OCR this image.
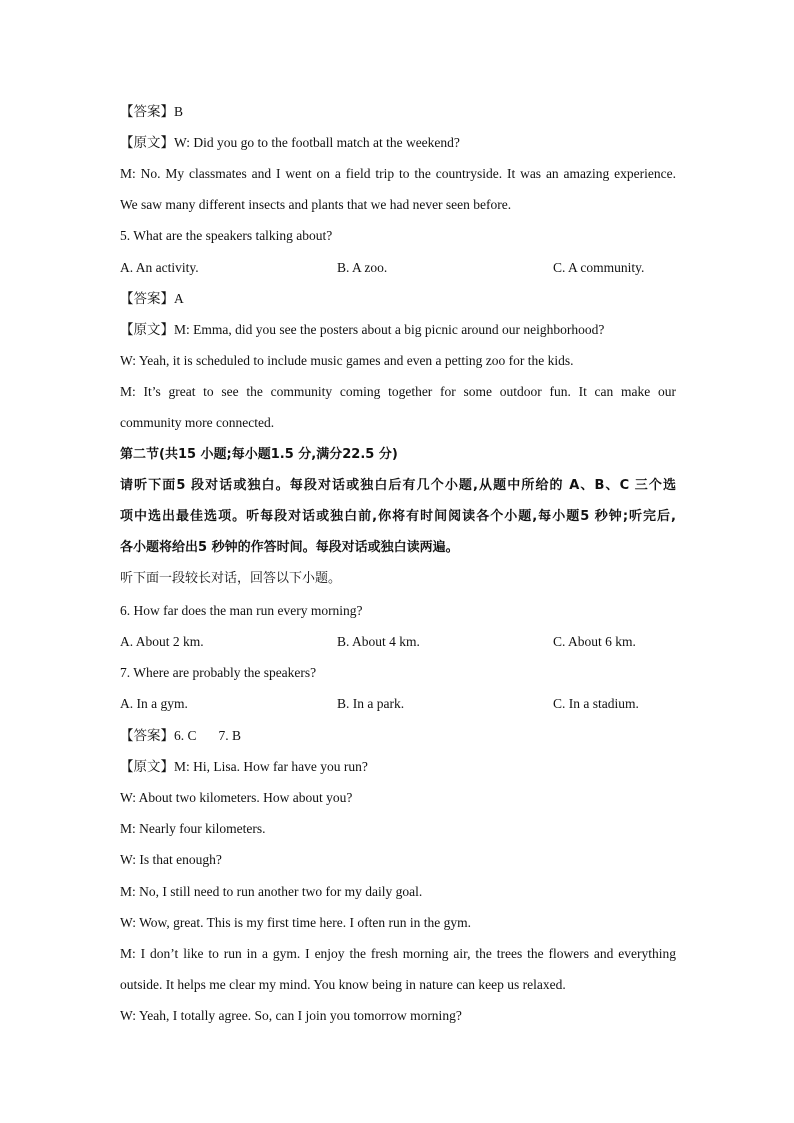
【答案】B
【原文】W: Did you go to the football match at the weekend?
M: No. My classmates and I went on a field trip to the countryside. It was an amazing experience.
We saw many different insects and plants that we had never seen before.
5. What are the speakers talking about?
A. An activity.	B. A zoo.	C. A community.
【答案】A
【原文】M: Emma, did you see the posters about a big picnic around our neighborhood?
W: Yeah, it is scheduled to include music games and even a petting zoo for the kids.
M: It’s great to see the community coming together for some outdoor fun. It can make our
community more connected.
第二节(共15 小题;每小题1.5 分,满分22.5 分)
请听下面5 段对话或独白。每段对话或独白后有几个小题,从题中所给的 A、B、C 三个选
项中选出最佳选项。听每段对话或独白前,你将有时间阅读各个小题,每小题5 秒钟;听完后,
各小题将给出5 秒钟的作答时间。每段对话或独白读两遍。
听下面一段较长对话，回答以下小题。
6. How far does the man run every morning?
A. About 2 km.	B. About 4 km.	C. About 6 km.
7. Where are probably the speakers?
A. In a gym.	B. In a park.	C. In a stadium.
【答案】6. C 7. B
【原文】M: Hi, Lisa. How far have you run?
W: About two kilometers. How about you?
M: Nearly four kilometers.
W: Is that enough?
M: No, I still need to run another two for my daily goal.
W: Wow, great. This is my first time here. I often run in the gym.
M: I don’t like to run in a gym. I enjoy the fresh morning air, the trees the flowers and everything
outside. It helps me clear my mind. You know being in nature can keep us relaxed.
W: Yeah, I totally agree. So, can I join you tomorrow morning?
